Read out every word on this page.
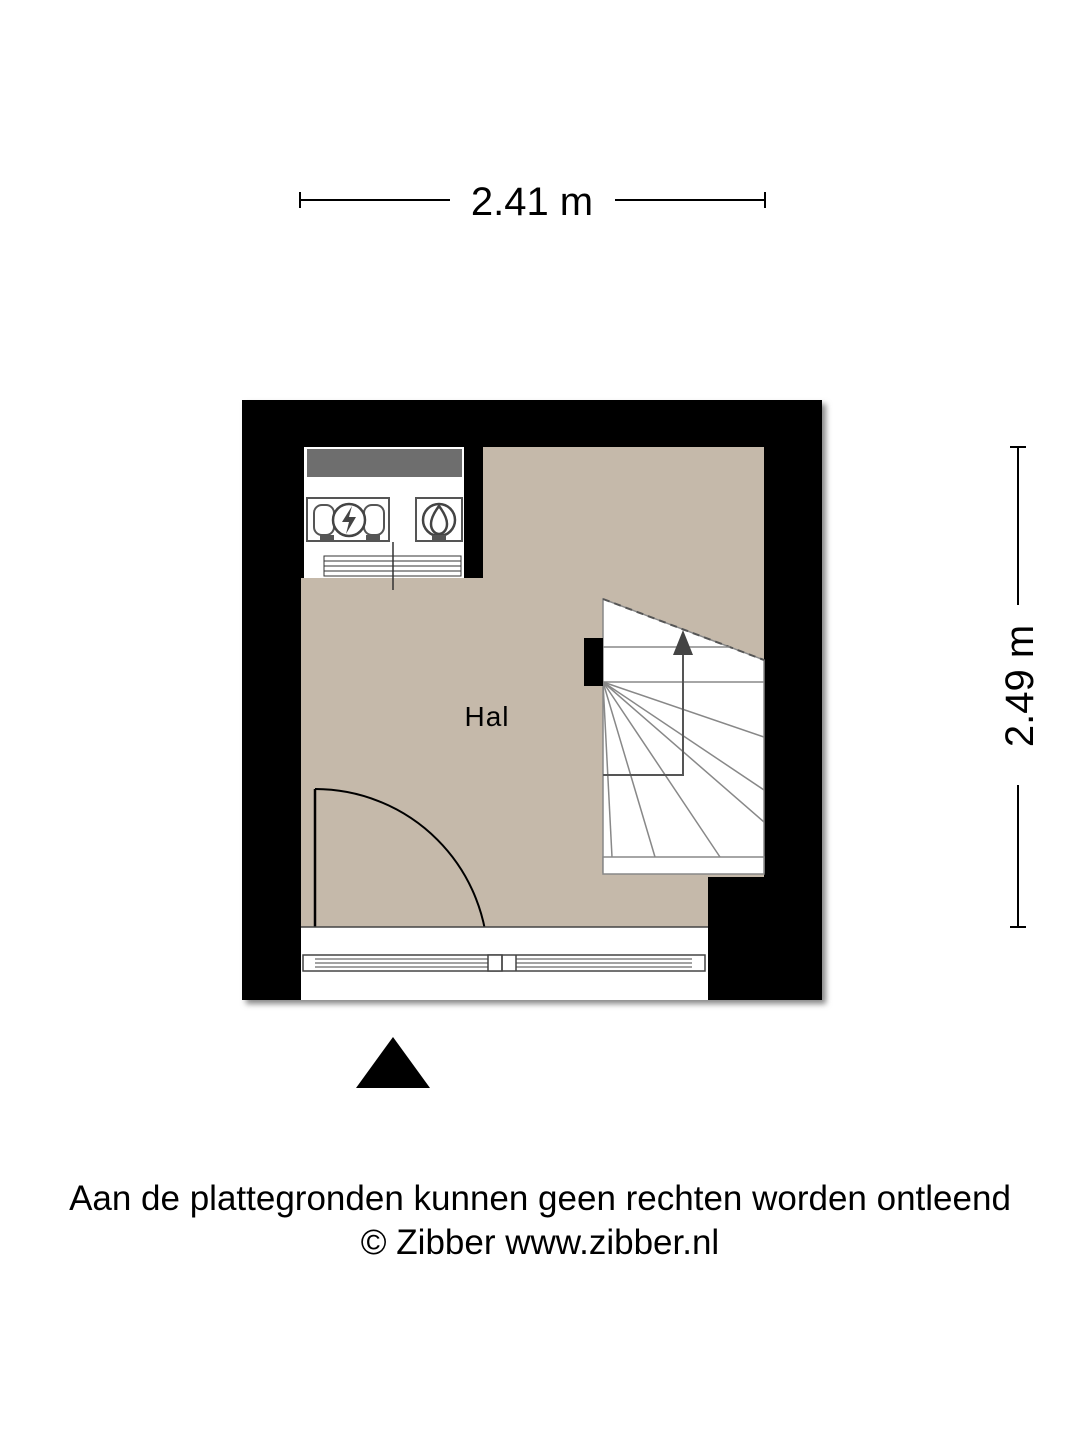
2.41 m
2.49 m
Hal
Aan de plattegronden kunnen geen rechten worden ontleend
© Zibber www.zibber.nl
